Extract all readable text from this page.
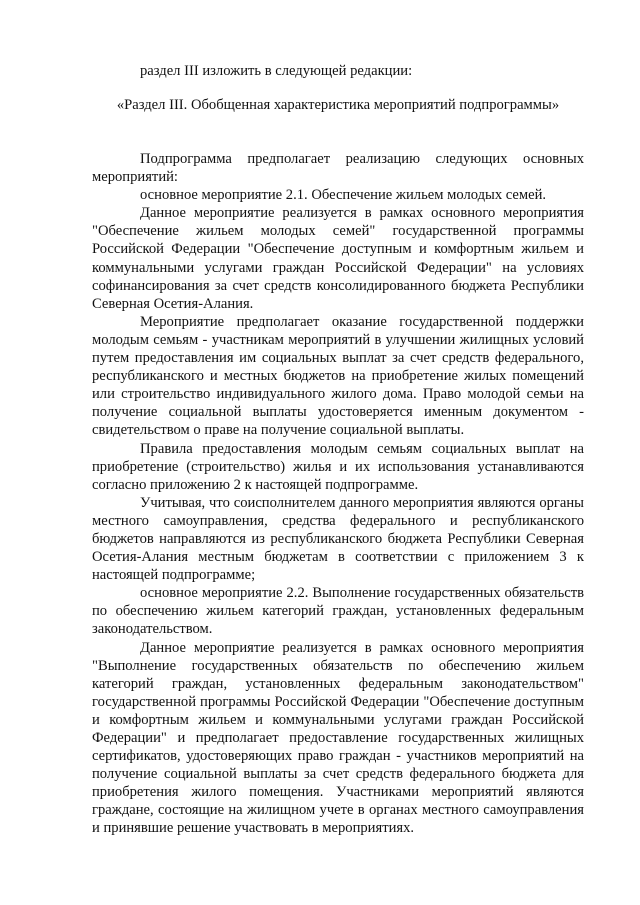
раздел III изложить в следующей редакции:

«Раздел III. Обобщенная характеристика мероприятий подпрограммы»

Подпрограмма предполагает реализацию следующих основных мероприятий:

основное мероприятие 2.1. Обеспечение жильем молодых семей.

Данное мероприятие реализуется в рамках основного мероприятия "Обеспечение жильем молодых семей" государственной программы Российской Федерации "Обеспечение доступным и комфортным жильем и коммунальными услугами граждан Российской Федерации" на условиях софинансирования за счет средств консолидированного бюджета Республики Северная Осетия-Алания.

Мероприятие предполагает оказание государственной поддержки молодым семьям - участникам мероприятий в улучшении жилищных условий путем предоставления им социальных выплат за счет средств федерального, республиканского и местных бюджетов на приобретение жилых помещений или строительство индивидуального жилого дома. Право молодой семьи на получение социальной выплаты удостоверяется именным документом - свидетельством о праве на получение социальной выплаты.

Правила предоставления молодым семьям социальных выплат на приобретение (строительство) жилья и их использования устанавливаются согласно приложению 2 к настоящей подпрограмме.

Учитывая, что соисполнителем данного мероприятия являются органы местного самоуправления, средства федерального и республиканского бюджетов направляются из республиканского бюджета Республики Северная Осетия-Алания местным бюджетам в соответствии с приложением 3 к настоящей подпрограмме;

основное мероприятие 2.2. Выполнение государственных обязательств по обеспечению жильем категорий граждан, установленных федеральным законодательством.

Данное мероприятие реализуется в рамках основного мероприятия "Выполнение государственных обязательств по обеспечению жильем категорий граждан, установленных федеральным законодательством" государственной программы Российской Федерации "Обеспечение доступным и комфортным жильем и коммунальными услугами граждан Российской Федерации" и предполагает предоставление государственных жилищных сертификатов, удостоверяющих право граждан - участников мероприятий на получение социальной выплаты за счет средств федерального бюджета для приобретения жилого помещения. Участниками мероприятий являются граждане, состоящие на жилищном учете в органах местного самоуправления и принявшие решение участвовать в мероприятиях.
